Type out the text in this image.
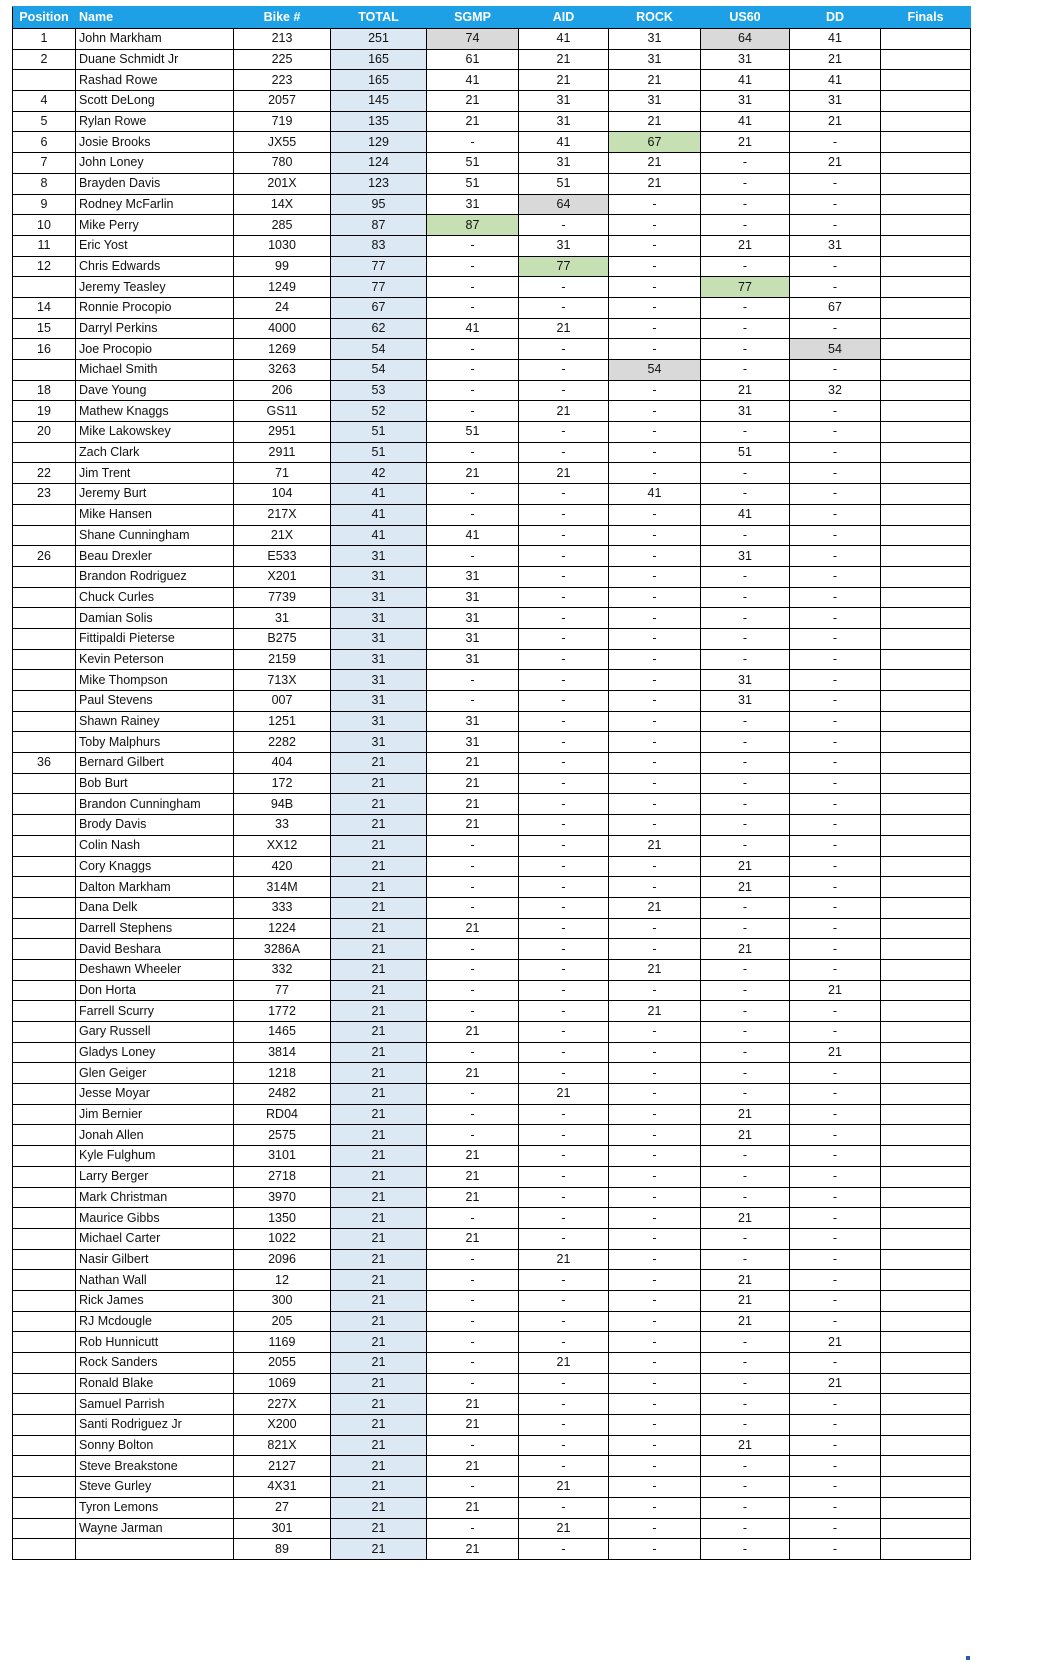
Position	Name	Bike #	TOTAL	SGMP	AID	ROCK	US60	DD	Finals
1	John Markham	213	251	74	41	31	64	41	
2	Duane Schmidt Jr	225	165	61	21	31	31	21	
	Rashad Rowe	223	165	41	21	21	41	41	
4	Scott DeLong	2057	145	21	31	31	31	31	
5	Rylan Rowe	719	135	21	31	21	41	21	
6	Josie Brooks	JX55	129	-	41	67	21	-	
7	John Loney	780	124	51	31	21	-	21	
8	Brayden Davis	201X	123	51	51	21	-	-	
9	Rodney McFarlin	14X	95	31	64	-	-	-	
10	Mike Perry	285	87	87	-	-	-	-	
11	Eric Yost	1030	83	-	31	-	21	31	
12	Chris Edwards	99	77	-	77	-	-	-	
	Jeremy Teasley	1249	77	-	-	-	77	-	
14	Ronnie Procopio	24	67	-	-	-	-	67	
15	Darryl Perkins	4000	62	41	21	-	-	-	
16	Joe Procopio	1269	54	-	-	-	-	54	
	Michael Smith	3263	54	-	-	54	-	-	
18	Dave Young	206	53	-	-	-	21	32	
19	Mathew Knaggs	GS11	52	-	21	-	31	-	
20	Mike Lakowskey	2951	51	51	-	-	-	-	
	Zach Clark	2911	51	-	-	-	51	-	
22	Jim Trent	71	42	21	21	-	-	-	
23	Jeremy Burt	104	41	-	-	41	-	-	
	Mike Hansen	217X	41	-	-	-	41	-	
	Shane Cunningham	21X	41	41	-	-	-	-	
26	Beau Drexler	E533	31	-	-	-	31	-	
	Brandon Rodriguez	X201	31	31	-	-	-	-	
	Chuck Curles	7739	31	31	-	-	-	-	
	Damian Solis	31	31	31	-	-	-	-	
	Fittipaldi Pieterse	B275	31	31	-	-	-	-	
	Kevin Peterson	2159	31	31	-	-	-	-	
	Mike Thompson	713X	31	-	-	-	31	-	
	Paul Stevens	007	31	-	-	-	31	-	
	Shawn Rainey	1251	31	31	-	-	-	-	
	Toby Malphurs	2282	31	31	-	-	-	-	
36	Bernard Gilbert	404	21	21	-	-	-	-	
	Bob Burt	172	21	21	-	-	-	-	
	Brandon Cunningham	94B	21	21	-	-	-	-	
	Brody Davis	33	21	21	-	-	-	-	
	Colin Nash	XX12	21	-	-	21	-	-	
	Cory Knaggs	420	21	-	-	-	21	-	
	Dalton Markham	314M	21	-	-	-	21	-	
	Dana Delk	333	21	-	-	21	-	-	
	Darrell Stephens	1224	21	21	-	-	-	-	
	David Beshara	3286A	21	-	-	-	21	-	
	Deshawn Wheeler	332	21	-	-	21	-	-	
	Don Horta	77	21	-	-	-	-	21	
	Farrell Scurry	1772	21	-	-	21	-	-	
	Gary Russell	1465	21	21	-	-	-	-	
	Gladys Loney	3814	21	-	-	-	-	21	
	Glen Geiger	1218	21	21	-	-	-	-	
	Jesse Moyar	2482	21	-	21	-	-	-	
	Jim Bernier	RD04	21	-	-	-	21	-	
	Jonah Allen	2575	21	-	-	-	21	-	
	Kyle Fulghum	3101	21	21	-	-	-	-	
	Larry Berger	2718	21	21	-	-	-	-	
	Mark Christman	3970	21	21	-	-	-	-	
	Maurice Gibbs	1350	21	-	-	-	21	-	
	Michael Carter	1022	21	21	-	-	-	-	
	Nasir Gilbert	2096	21	-	21	-	-	-	
	Nathan Wall	12	21	-	-	-	21	-	
	Rick James	300	21	-	-	-	21	-	
	RJ Mcdougle	205	21	-	-	-	21	-	
	Rob Hunnicutt	1169	21	-	-	-	-	21	
	Rock Sanders	2055	21	-	21	-	-	-	
	Ronald Blake	1069	21	-	-	-	-	21	
	Samuel Parrish	227X	21	21	-	-	-	-	
	Santi Rodriguez Jr	X200	21	21	-	-	-	-	
	Sonny Bolton	821X	21	-	-	-	21	-	
	Steve Breakstone	2127	21	21	-	-	-	-	
	Steve Gurley	4X31	21	-	21	-	-	-	
	Tyron Lemons	27	21	21	-	-	-	-	
	Wayne Jarman	301	21	-	21	-	-	-	
		89	21	21	-	-	-	-	
